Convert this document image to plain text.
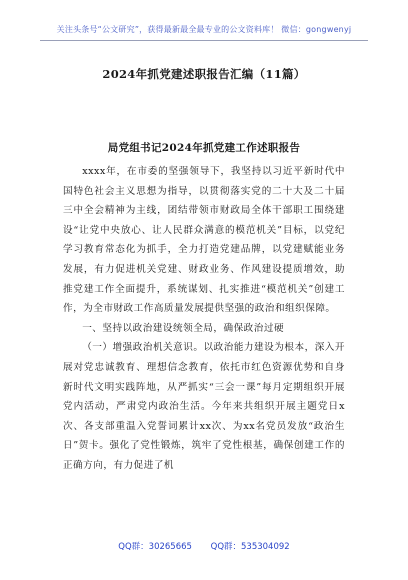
关注头条号“公文研究”，获得最新最全最专业的公文资料库！ 微信：gongwenyj
2024年抓党建述职报告汇编（11篇）
局党组书记2024年抓党建工作述职报告

xxxx年，在市委的坚强领导下，我坚持以习近平新时代中国特色社会主义思想为指导，以贯彻落实党的二十大及二十届三中全会精神为主线，团结带领市财政局全体干部职工围绕建设“让党中央放心、让人民群众满意的模范机关”目标，以党纪学习教育常态化为抓手，全力打造党建品牌，以党建赋能业务发展，有力促进机关党建、财政业务、作风建设提质增效，助推党建工作全面提升，系统谋划、扎实推进“模范机关”创建工作，为全市财政工作高质量发展提供坚强的政治和组织保障。

一、坚持以政治建设统领全局，确保政治过硬

（一）增强政治机关意识。以政治能力建设为根本，深入开展对党忠诚教育、理想信念教育，依托市红色资源优势和自身新时代文明实践阵地，从严抓实“三会一课”每月定期组织开展党内活动，严肃党内政治生活。今年来共组织开展主题党日x次、各支部重温入党誓词累计xx次、为xx名党员发放“政治生日”贺卡。强化了党性锻炼，筑牢了党性根基，确保创建工作的正确方向，有力促进了机

QQ群：30265665 QQ群：535304092
